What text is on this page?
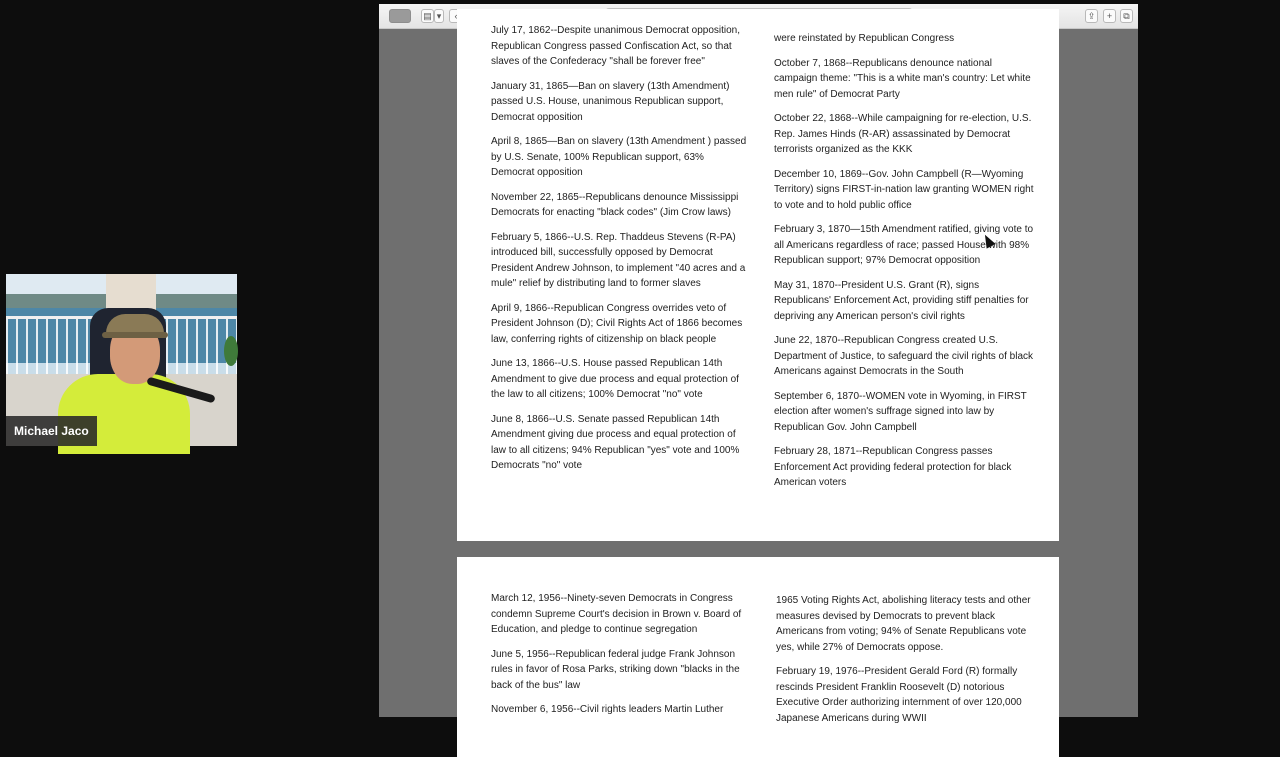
▤ ▾	‹	⇪	+	⧉

July 17, 1862--Despite unanimous Democrat opposition, Republican Congress passed Confiscation Act, so that slaves of the Confederacy "shall be forever free"

January 31, 1865—Ban on slavery (13th Amendment) passed U.S. House, unanimous Republican support, Democrat opposition

April 8, 1865—Ban on slavery (13th Amendment ) passed by U.S. Senate, 100% Republican support, 63% Democrat opposition

November 22, 1865--Republicans denounce Mississippi Democrats for enacting "black codes" (Jim Crow laws)

February 5, 1866--U.S. Rep. Thaddeus Stevens (R-PA) introduced bill, successfully opposed by Democrat President Andrew Johnson, to implement "40 acres and a mule" relief by distributing land to former slaves

April 9, 1866--Republican Congress overrides veto of President Johnson (D); Civil Rights Act of 1866 becomes law, conferring rights of citizenship on black people

June 13, 1866--U.S. House passed Republican 14th Amendment to give due process and equal protection of the law to all citizens; 100% Democrat "no" vote

June 8, 1866--U.S. Senate passed Republican 14th Amendment giving due process and equal protection of law to all citizens; 94% Republican "yes" vote and 100% Democrats "no" vote

were reinstated by Republican Congress

October 7, 1868--Republicans denounce national campaign theme: "This is a white man's country: Let white men rule" of Democrat Party

October 22, 1868--While campaigning for re-election, U.S. Rep. James Hinds (R-AR) assassinated by Democrat terrorists organized as the KKK

December 10, 1869--Gov. John Campbell (R—Wyoming Territory) signs FIRST-in-nation law granting WOMEN right to vote and to hold public office

February 3, 1870—15th Amendment ratified, giving vote to all Americans regardless of race; passed House with 98% Republican support; 97% Democrat opposition

May 31, 1870--President U.S. Grant (R), signs Republicans' Enforcement Act, providing stiff penalties for depriving any American person's civil rights

June 22, 1870--Republican Congress created U.S. Department of Justice, to safeguard the civil rights of black Americans against Democrats in the South

September 6, 1870--WOMEN vote in Wyoming, in FIRST election after women's suffrage signed into law by Republican Gov. John Campbell

February 28, 1871--Republican Congress passes Enforcement Act providing federal protection for black American voters

March 12, 1956--Ninety-seven Democrats in Congress condemn Supreme Court's decision in Brown v. Board of Education, and pledge to continue segregation

June 5, 1956--Republican federal judge Frank Johnson rules in favor of Rosa Parks, striking down "blacks in the back of the bus" law

November 6, 1956--Civil rights leaders Martin Luther

1965 Voting Rights Act, abolishing literacy tests and other measures devised by Democrats to prevent black Americans from voting; 94% of Senate Republicans vote yes, while 27% of Democrats oppose.

February 19, 1976--President Gerald Ford (R) formally rescinds President Franklin Roosevelt (D) notorious Executive Order authorizing internment of over 120,000 Japanese Americans during WWII

Michael Jaco
